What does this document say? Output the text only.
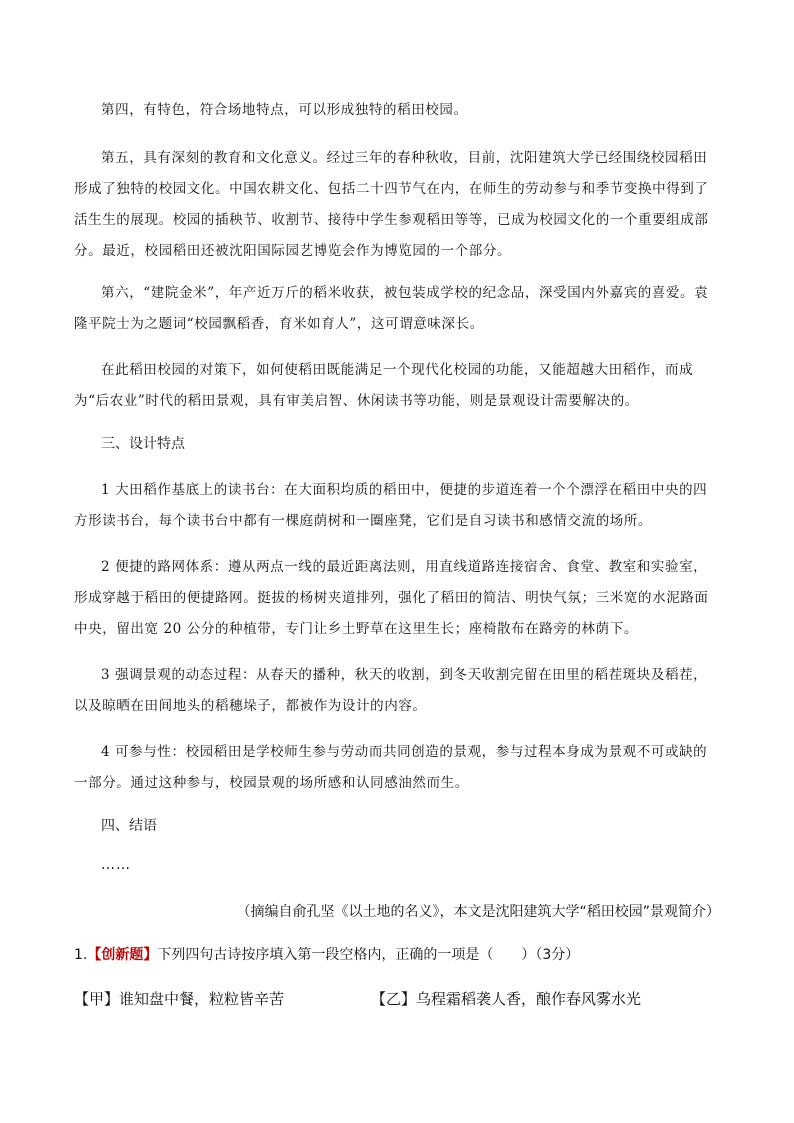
第四，有特色，符合场地特点，可以形成独特的稻田校园。
第五，具有深刻的教育和文化意义。经过三年的春种秋收，目前，沈阳建筑大学已经围绕校园稻田形成了独特的校园文化。中国农耕文化、包括二十四节气在内，在师生的劳动参与和季节变换中得到了活生生的展现。校园的插秧节、收割节、接待中学生参观稻田等等，已成为校园文化的一个重要组成部分。最近，校园稻田还被沈阳国际园艺博览会作为博览园的一个部分。
第六，“建院金米”，年产近万斤的稻米收获，被包装成学校的纪念品，深受国内外嘉宾的喜爱。袁隆平院士为之题词“校园飘稻香，育米如育人”，这可谓意味深长。
在此稻田校园的对策下，如何使稻田既能满足一个现代化校园的功能，又能超越大田稻作，而成为“后农业”时代的稻田景观，具有审美启智、休闲读书等功能，则是景观设计需要解决的。
三、设计特点
1 大田稻作基底上的读书台：在大面积均质的稻田中，便捷的步道连着一个个漂浮在稻田中央的四方形读书台，每个读书台中都有一棵庭荫树和一圈座凳，它们是自习读书和感情交流的场所。
2 便捷的路网体系：遵从两点一线的最近距离法则，用直线道路连接宿舍、食堂、教室和实验室，形成穿越于稻田的便捷路网。挺拔的杨树夹道排列，强化了稻田的简洁、明快气氛；三米宽的水泥路面中央，留出宽 20 公分的种植带，专门让乡土野草在这里生长；座椅散布在路旁的林荫下。
3 强调景观的动态过程：从春天的播种，秋天的收割，到冬天收割完留在田里的稻茬斑块及稻茬，以及晾晒在田间地头的稻穗垛子，都被作为设计的内容。
4 可参与性：校园稻田是学校师生参与劳动而共同创造的景观，参与过程本身成为景观不可或缺的一部分。通过这种参与，校园景观的场所感和认同感油然而生。
四、结语
……
（摘编自俞孔坚《以土地的名义》，本文是沈阳建筑大学“稻田校园”景观简介）
1.【创新题】下列四句古诗按序填入第一段空格内，正确的一项是（　　）（3分）
【甲】谁知盘中餐，粒粒皆辛苦	【乙】乌程霜稻袭人香，酿作春风雾水光
